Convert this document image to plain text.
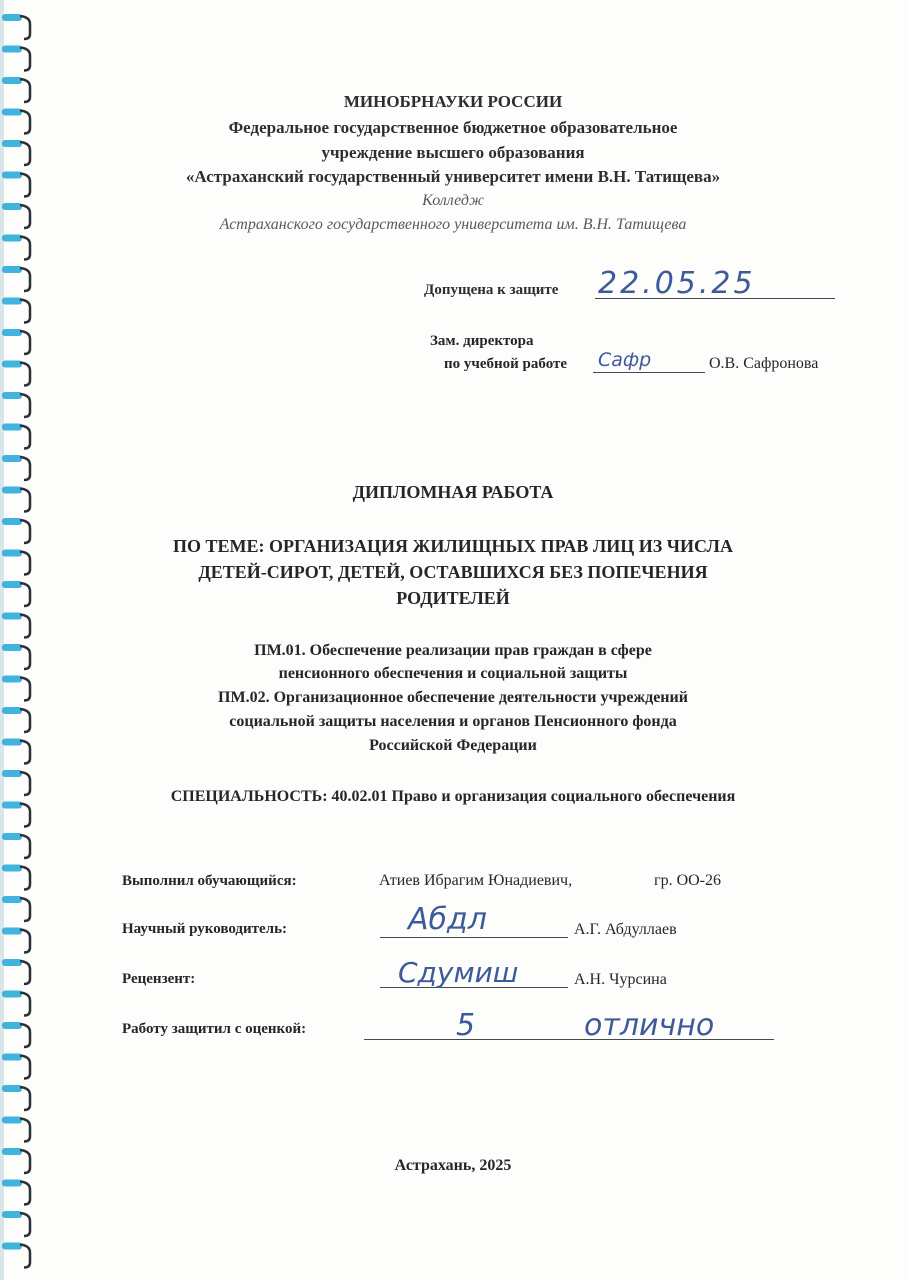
МИНОБРНАУКИ РОССИИ
Федеральное государственное бюджетное образовательное
учреждение высшего образования
«Астраханский государственный университет имени В.Н. Татищева»
Колледж
Астраханского государственного университета им. В.Н. Татищева
Допущена к защите 22.05.25
Зам. директора
по учебной работе Сафр	О.В. Сафронова
ДИПЛОМНАЯ РАБОТА
ПО ТЕМЕ: ОРГАНИЗАЦИЯ ЖИЛИЩНЫХ ПРАВ ЛИЦ ИЗ ЧИСЛА
ДЕТЕЙ-СИРОТ, ДЕТЕЙ, ОСТАВШИХСЯ БЕЗ ПОПЕЧЕНИЯ
РОДИТЕЛЕЙ
ПМ.01. Обеспечение реализации прав граждан в сфере
пенсионного обеспечения и социальной защиты
ПМ.02. Организационное обеспечение деятельности учреждений
социальной защиты населения и органов Пенсионного фонда
Российской Федерации
СПЕЦИАЛЬНОСТЬ: 40.02.01 Право и организация социального обеспечения
Выполнил обучающийся:	Атиев Ибрагим Юнадиевич,	гр. ОО-26
Научный руководитель:	Абдл	А.Г. Абдуллаев
Рецензент:	Сдумиш	А.Н. Чурсина
Работу защитил с оценкой:	5	отлично
Астрахань, 2025
